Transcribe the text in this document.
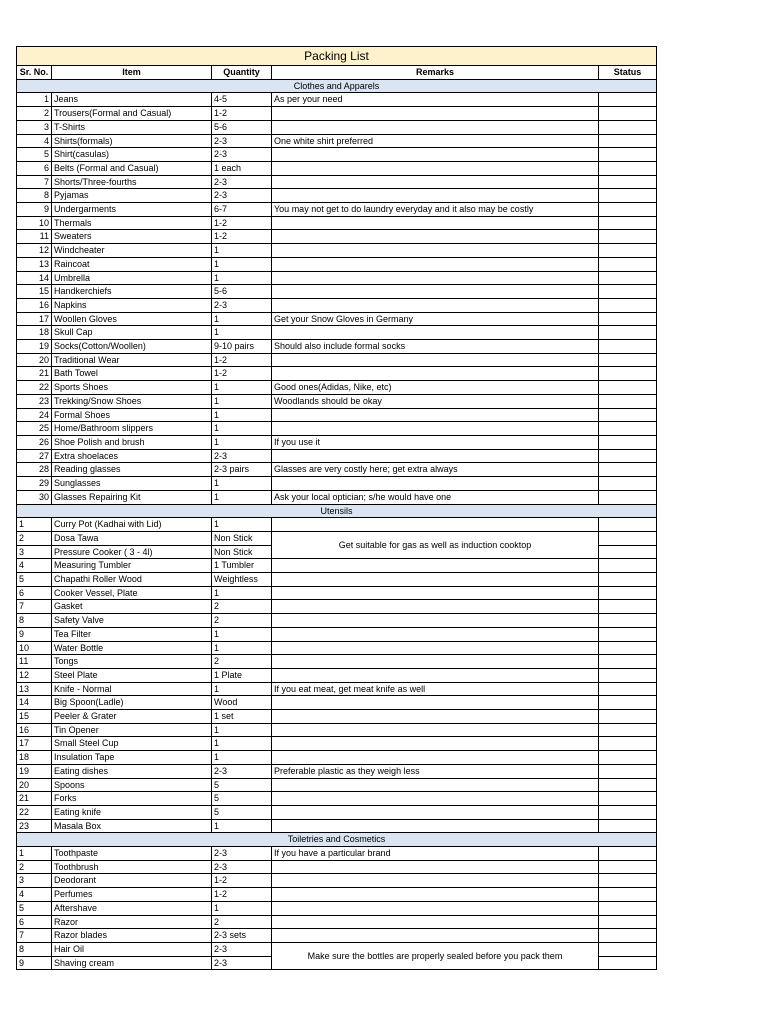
Packing List				
Sr. No.	Item	Quantity	Remarks	Status
Clothes and Apparels				
1	Jeans	4-5	As per your need	
2	Trousers(Formal and Casual)	1-2		
3	T-Shirts	5-6		
4	Shirts(formals)	2-3	One white shirt preferred	
5	Shirt(casulas)	2-3		
6	Belts (Formal and Casual)	1 each		
7	Shorts/Three-fourths	2-3		
8	Pyjamas	2-3		
9	Undergarments	6-7	You may not get to do laundry everyday and it also may be costly	
10	Thermals	1-2		
11	Sweaters	1-2		
12	Windcheater	1		
13	Raincoat	1		
14	Umbrella	1		
15	Handkerchiefs	5-6		
16	Napkins	2-3		
17	Woollen Gloves	1	Get your Snow Gloves in Germany	
18	Skull Cap	1		
19	Socks(Cotton/Woollen)	9-10 pairs	Should also include formal socks	
20	Traditional Wear	1-2		
21	Bath Towel	1-2		
22	Sports Shoes	1	Good ones(Adidas, Nike, etc)	
23	Trekking/Snow Shoes	1	Woodlands should be okay	
24	Formal Shoes	1		
25	Home/Bathroom slippers	1		
26	Shoe Polish and brush	1	If you use it	
27	Extra shoelaces	2-3		
28	Reading glasses	2-3 pairs	Glasses are very costly here; get extra always	
29	Sunglasses	1		
30	Glasses Repairing Kit	1	Ask your local optician; s/he would have one	
Utensils				
1	Curry Pot (Kadhai with Lid)	1		
2	Dosa Tawa	Non Stick	Get suitable for gas as well as induction cooktop	
3	Pressure Cooker ( 3 - 4l)	Non Stick		
4	Measuring Tumbler	1 Tumbler		
5	Chapathi Roller Wood	Weightless		
6	Cooker Vessel, Plate	1		
7	Gasket	2		
8	Safety Valve	2		
9	Tea Filter	1		
10	Water Bottle	1		
11	Tongs	2		
12	Steel Plate	1 Plate		
13	Knife - Normal	1	If you eat meat, get meat knife as well	
14	Big Spoon(Ladle)	Wood		
15	Peeler & Grater	1 set		
16	Tin Opener	1		
17	Small Steel Cup	1		
18	Insulation Tape	1		
19	Eating dishes	2-3	Preferable plastic as they weigh less	
20	Spoons	5		
21	Forks	5		
22	Eating knife	5		
23	Masala Box	1		
Toiletries and Cosmetics				
1	Toothpaste	2-3	If you have a particular brand	
2	Toothbrush	2-3		
3	Deodorant	1-2		
4	Perfumes	1-2		
5	Aftershave	1		
6	Razor	2		
7	Razor blades	2-3 sets		
8	Hair Oil	2-3	Make sure the bottles are properly sealed before you pack them	
9	Shaving cream	2-3		
